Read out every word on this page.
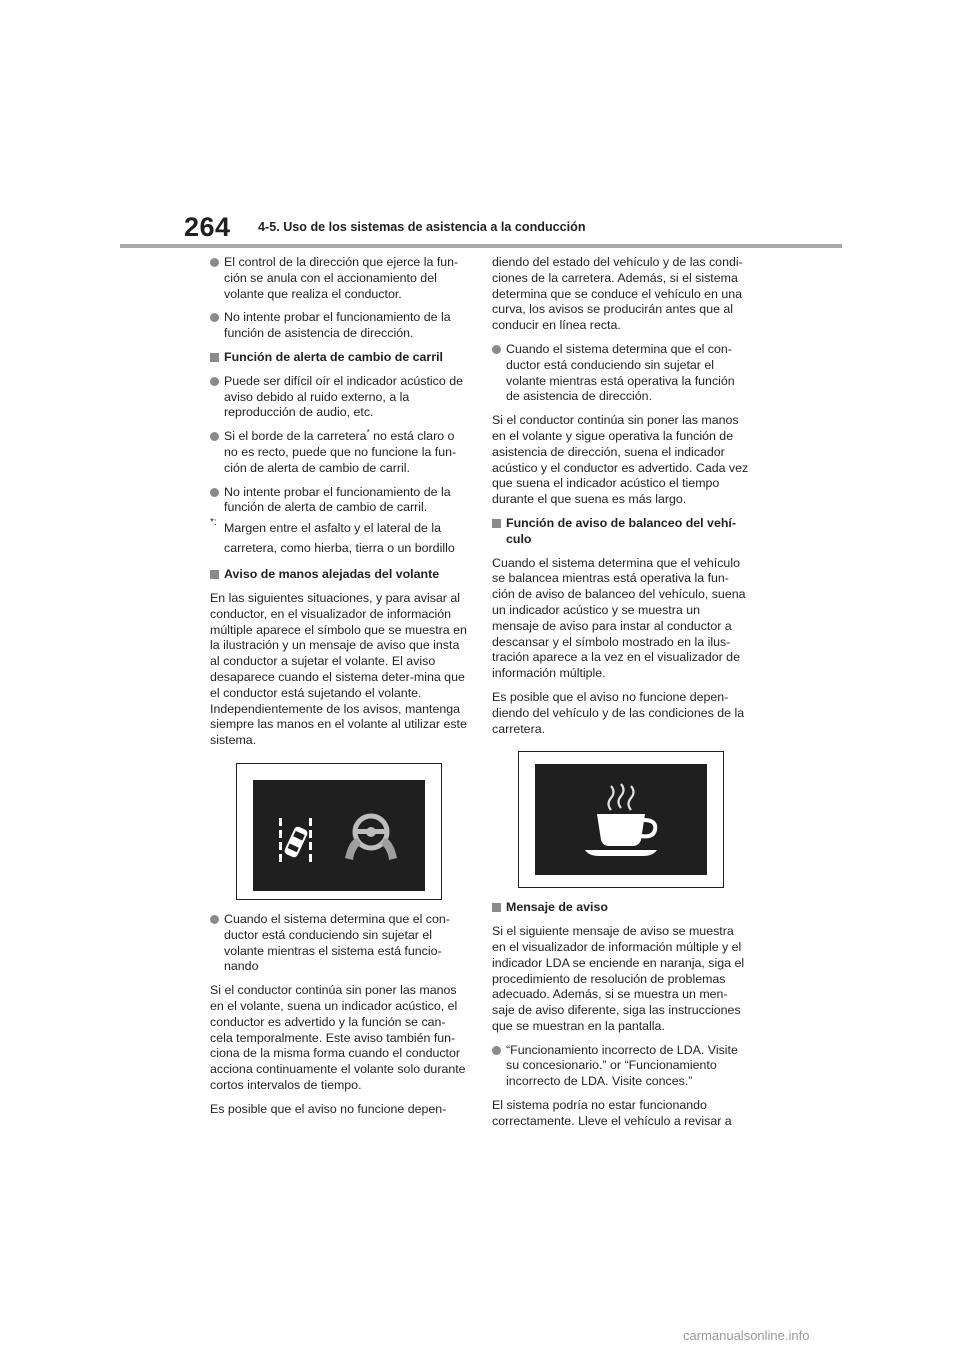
264 4-5. Uso de los sistemas de asistencia a la conducción
El control de la dirección que ejerce la fun-ción se anula con el accionamiento del volante que realiza el conductor.
No intente probar el funcionamiento de la función de asistencia de dirección.
Función de alerta de cambio de carril
Puede ser difícil oír el indicador acústico de aviso debido al ruido externo, a la reproducción de audio, etc.
Si el borde de la carretera* no está claro o no es recto, puede que no funcione la fun-ción de alerta de cambio de carril.
No intente probar el funcionamiento de la función de alerta de cambio de carril.
*: Margen entre el asfalto y el lateral de la carretera, como hierba, tierra o un bordillo
Aviso de manos alejadas del volante

En las siguientes situaciones, y para avisar al conductor, en el visualizador de información múltiple aparece el símbolo que se muestra en la ilustración y un mensaje de aviso que insta al conductor a sujetar el volante. El aviso desaparece cuando el sistema deter-mina que el conductor está sujetando el volante. Independientemente de los avisos, mantenga siempre las manos en el volante al utilizar este sistema.

Cuando el sistema determina que el con-ductor está conduciendo sin sujetar el volante mientras el sistema está funcio-nando

Si el conductor continúa sin poner las manos en el volante, suena un indicador acústico, el conductor es advertido y la función se can-cela temporalmente. Este aviso también fun-ciona de la misma forma cuando el conductor acciona continuamente el volante solo durante cortos intervalos de tiempo.

Es posible que el aviso no funcione depen-

diendo del estado del vehículo y de las condi-ciones de la carretera. Además, si el sistema determina que se conduce el vehículo en una curva, los avisos se producirán antes que al conducir en línea recta.

Cuando el sistema determina que el con-ductor está conduciendo sin sujetar el volante mientras está operativa la función de asistencia de dirección.

Si el conductor continúa sin poner las manos en el volante y sigue operativa la función de asistencia de dirección, suena el indicador acústico y el conductor es advertido. Cada vez que suena el indicador acústico el tiempo durante el que suena es más largo.

Función de aviso de balanceo del vehí-culo

Cuando el sistema determina que el vehículo se balancea mientras está operativa la fun-ción de aviso de balanceo del vehículo, suena un indicador acústico y se muestra un mensaje de aviso para instar al conductor a descansar y el símbolo mostrado en la ilus-tración aparece a la vez en el visualizador de información múltiple.

Es posible que el aviso no funcione depen-diendo del vehículo y de las condiciones de la carretera.

Mensaje de aviso

Si el siguiente mensaje de aviso se muestra en el visualizador de información múltiple y el indicador LDA se enciende en naranja, siga el procedimiento de resolución de problemas adecuado. Además, si se muestra un men-saje de aviso diferente, siga las instrucciones que se muestran en la pantalla.

“Funcionamiento incorrecto de LDA. Visite su concesionario.” or “Funcionamiento incorrecto de LDA. Visite conces.”

El sistema podría no estar funcionando correctamente. Lleve el vehículo a revisar a

carmanualsonline.info
